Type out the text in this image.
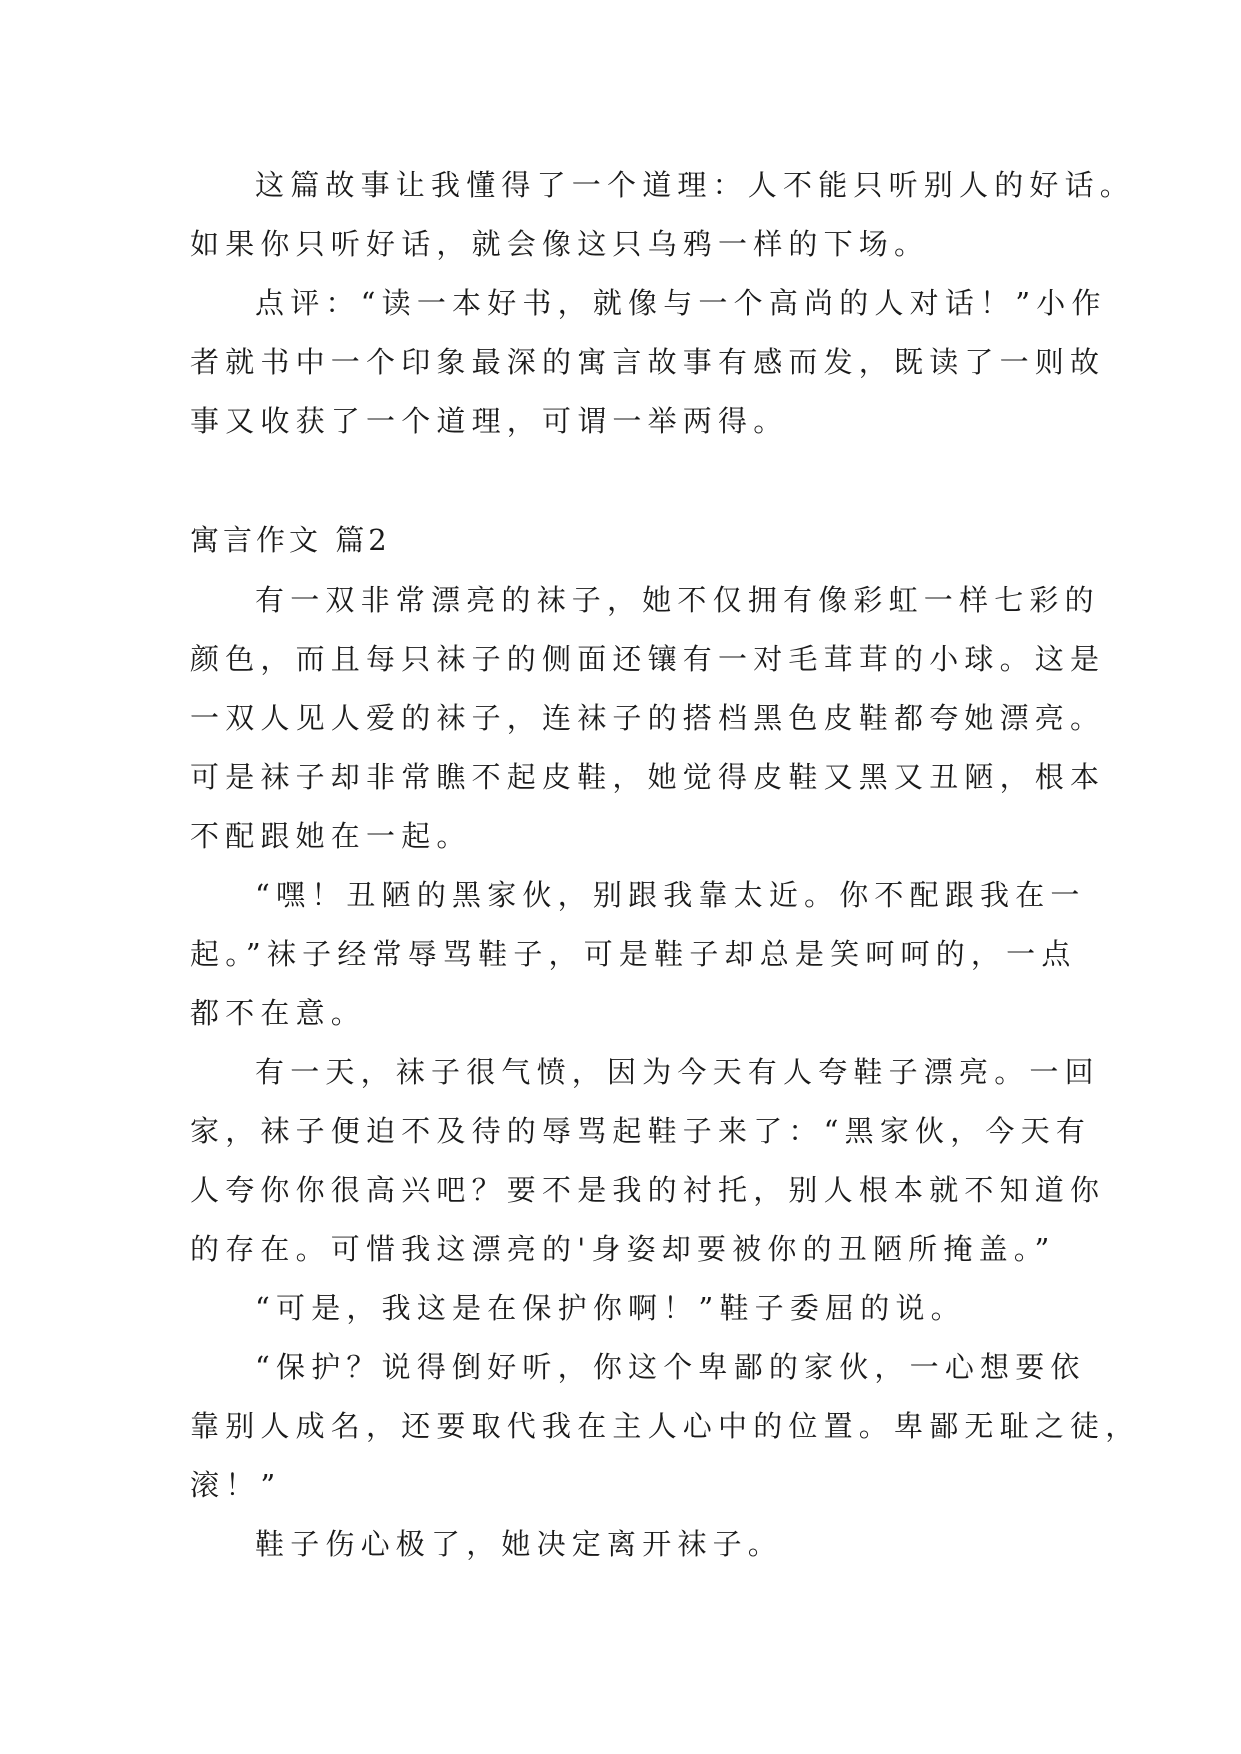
这篇故事让我懂得了一个道理：人不能只听别人的好话。
如果你只听好话，就会像这只乌鸦一样的下场。
点评：“读一本好书，就像与一个高尚的人对话！”小作
者就书中一个印象最深的寓言故事有感而发，既读了一则故
事又收获了一个道理，可谓一举两得。
寓言作文 篇2
有一双非常漂亮的袜子，她不仅拥有像彩虹一样七彩的
颜色，而且每只袜子的侧面还镶有一对毛茸茸的小球。这是
一双人见人爱的袜子，连袜子的搭档黑色皮鞋都夸她漂亮。
可是袜子却非常瞧不起皮鞋，她觉得皮鞋又黑又丑陋，根本
不配跟她在一起。
“嘿！丑陋的黑家伙，别跟我靠太近。你不配跟我在一
起。”袜子经常辱骂鞋子，可是鞋子却总是笑呵呵的，一点
都不在意。
有一天，袜子很气愤，因为今天有人夸鞋子漂亮。一回
家，袜子便迫不及待的辱骂起鞋子来了：“黑家伙，今天有
人夸你你很高兴吧？要不是我的衬托，别人根本就不知道你
的存在。可惜我这漂亮的'身姿却要被你的丑陋所掩盖。”
“可是，我这是在保护你啊！”鞋子委屈的说。
“保护？说得倒好听，你这个卑鄙的家伙，一心想要依
靠别人成名，还要取代我在主人心中的位置。卑鄙无耻之徒，
滚！”
鞋子伤心极了，她决定离开袜子。
